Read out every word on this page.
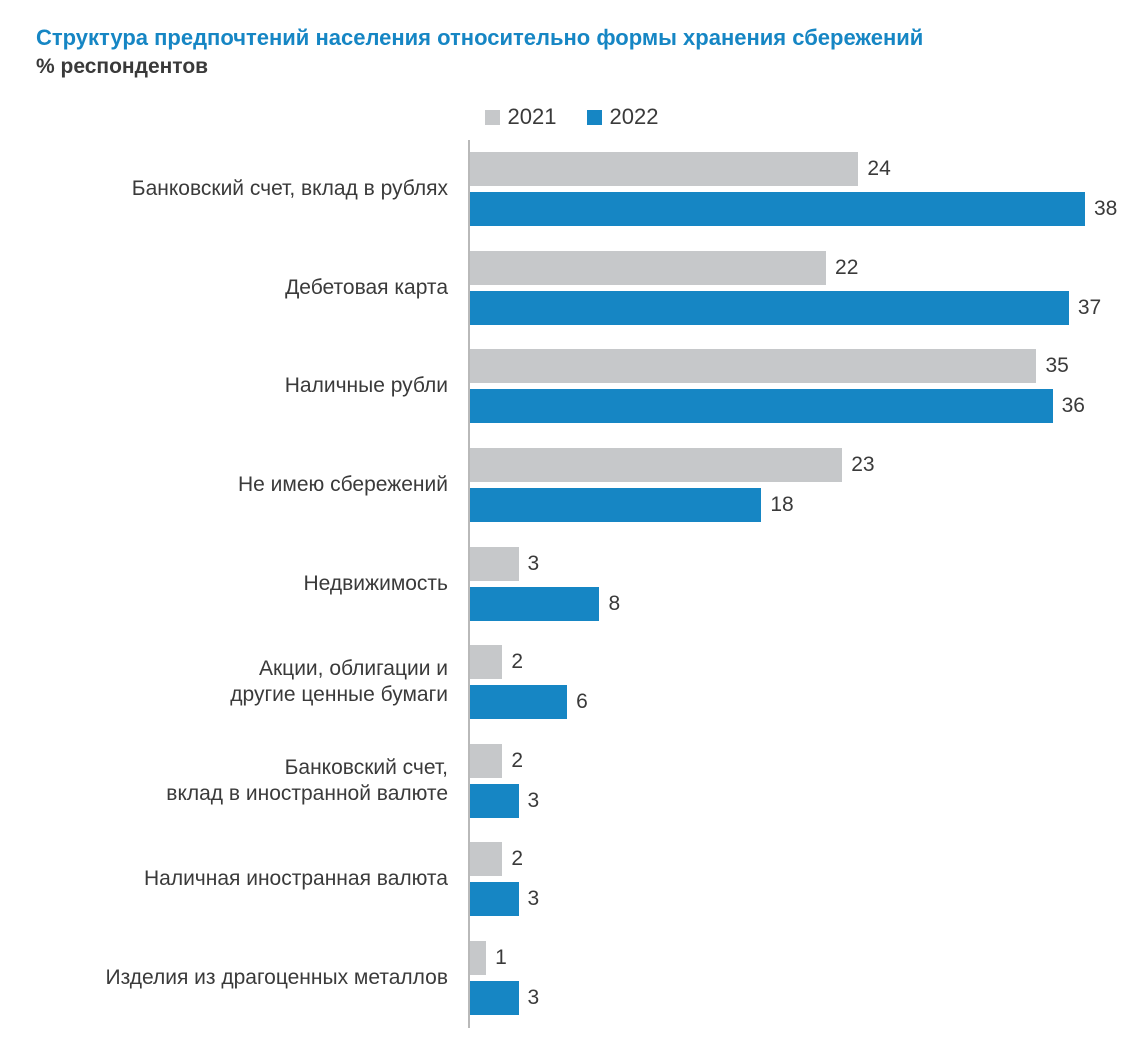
Структура предпочтений населения относительно формы хранения сбережений
% респондентов
2021 2022
Банковский счет, вклад в рублях
24
38
Дебетовая карта
22
37
Наличные рубли
35
36
Не имею сбережений
23
18
Недвижимость
3
8
Акции, облигации и
другие ценные бумаги
2
6
Банковский счет,
вклад в иностранной валюте
2
3
Наличная иностранная валюта
2
3
Изделия из драгоценных металлов
1
3
